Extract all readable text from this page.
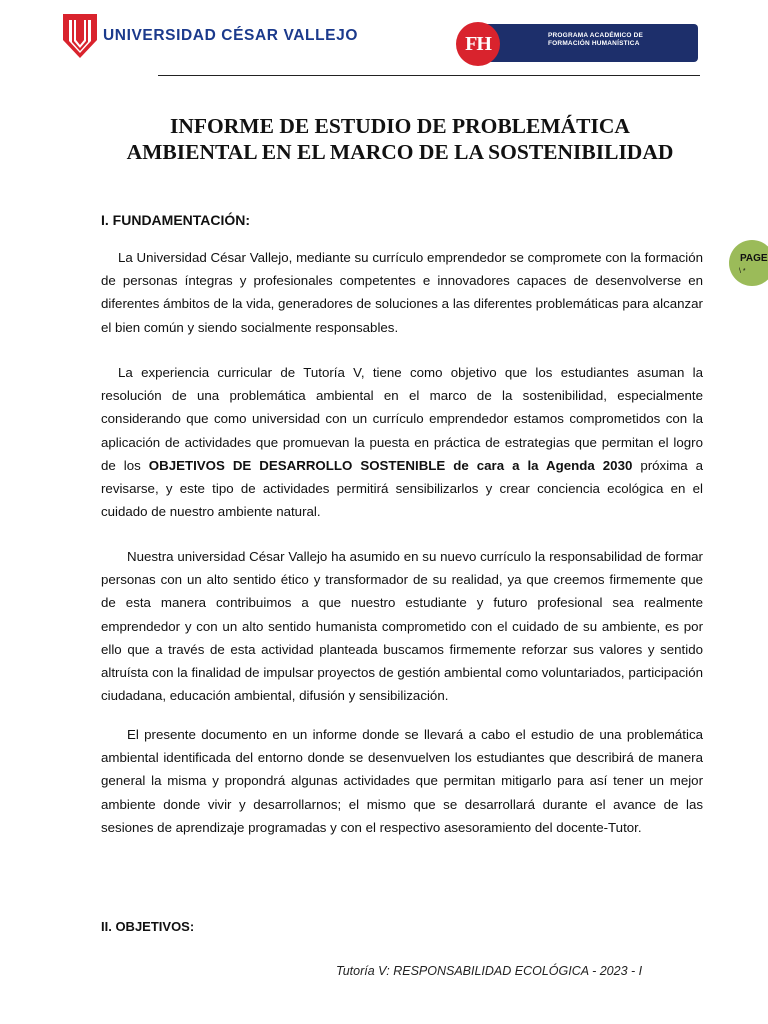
UNIVERSIDAD CÉSAR VALLEJO	FH	PROGRAMA ACADÉMICO DE
FORMACIÓN HUMANÍSTICA
PAGE
\ *
INFORME DE ESTUDIO DE PROBLEMÁTICA
AMBIENTAL EN EL MARCO DE LA SOSTENIBILIDAD
I. FUNDAMENTACIÓN:
La Universidad César Vallejo, mediante su currículo emprendedor se compromete con la formación de personas íntegras y profesionales competentes e innovadores capaces de desenvolverse en diferentes ámbitos de la vida, generadores de soluciones a las diferentes problemáticas para alcanzar el bien común y siendo socialmente responsables.
La experiencia curricular de Tutoría V, tiene como objetivo que los estudiantes asuman la resolución de una problemática ambiental en el marco de la sostenibilidad, especialmente considerando que como universidad con un currículo emprendedor estamos comprometidos con la aplicación de actividades que promuevan la puesta en práctica de estrategias que permitan el logro de los OBJETIVOS DE DESARROLLO SOSTENIBLE de cara a la Agenda 2030 próxima a revisarse, y este tipo de actividades permitirá sensibilizarlos y crear conciencia ecológica en el cuidado de nuestro ambiente natural.
Nuestra universidad César Vallejo ha asumido en su nuevo currículo la responsabilidad de formar personas con un alto sentido ético y transformador de su realidad, ya que creemos firmemente que de esta manera contribuimos a que nuestro estudiante y futuro profesional sea realmente emprendedor y con un alto sentido humanista comprometido con el cuidado de su ambiente, es por ello que a través de esta actividad planteada buscamos firmemente reforzar sus valores y sentido altruísta con la finalidad de impulsar proyectos de gestión ambiental como voluntariados, participación ciudadana, educación ambiental, difusión y sensibilización.
El presente documento en un informe donde se llevará a cabo el estudio de una problemática ambiental identificada del entorno donde se desenvuelven los estudiantes que describirá de manera general la misma y propondrá algunas actividades que permitan mitigarlo para así tener un mejor ambiente donde vivir y desarrollarnos; el mismo que se desarrollará durante el avance de las sesiones de aprendizaje programadas y con el respectivo asesoramiento del docente-Tutor.
II. OBJETIVOS:
Tutoría V: RESPONSABILIDAD ECOLÓGICA - 2023 - I
